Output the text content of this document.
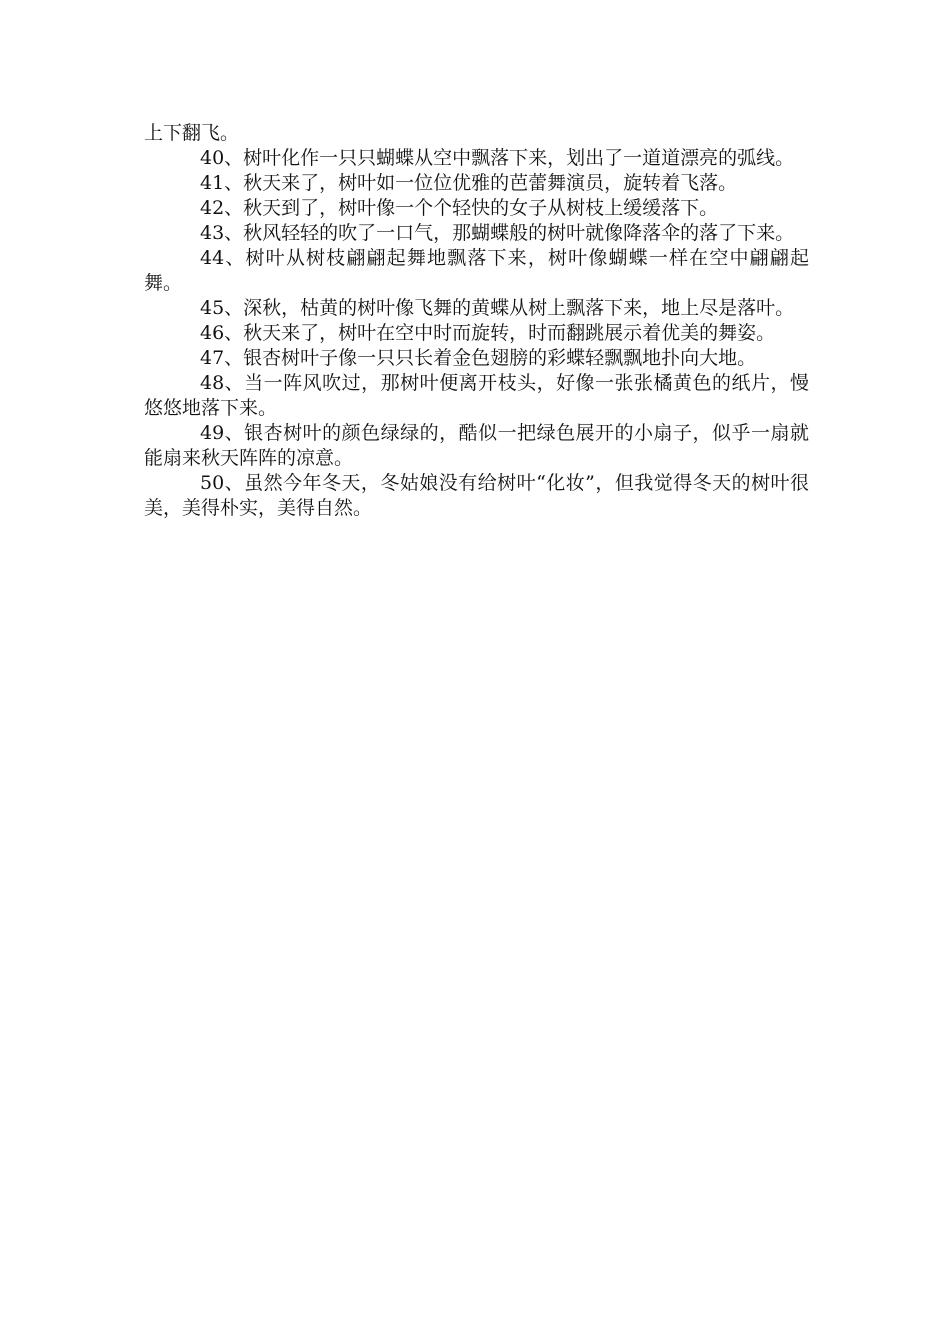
上下翻飞。

40、树叶化作一只只蝴蝶从空中飘落下来，划出了一道道漂亮的弧线。

41、秋天来了，树叶如一位位优雅的芭蕾舞演员，旋转着飞落。

42、秋天到了，树叶像一个个轻快的女子从树枝上缓缓落下。

43、秋风轻轻的吹了一口气，那蝴蝶般的树叶就像降落伞的落了下来。

44、树叶从树枝翩翩起舞地飘落下来，树叶像蝴蝶一样在空中翩翩起舞。

45、深秋，枯黄的树叶像飞舞的黄蝶从树上飘落下来，地上尽是落叶。

46、秋天来了，树叶在空中时而旋转，时而翻跳展示着优美的舞姿。

47、银杏树叶子像一只只长着金色翅膀的彩蝶轻飘飘地扑向大地。

48、当一阵风吹过，那树叶便离开枝头，好像一张张橘黄色的纸片，慢悠悠地落下来。

49、银杏树叶的颜色绿绿的，酷似一把绿色展开的小扇子，似乎一扇就能扇来秋天阵阵的凉意。

50、虽然今年冬天，冬姑娘没有给树叶“化妆”，但我觉得冬天的树叶很美，美得朴实，美得自然。
